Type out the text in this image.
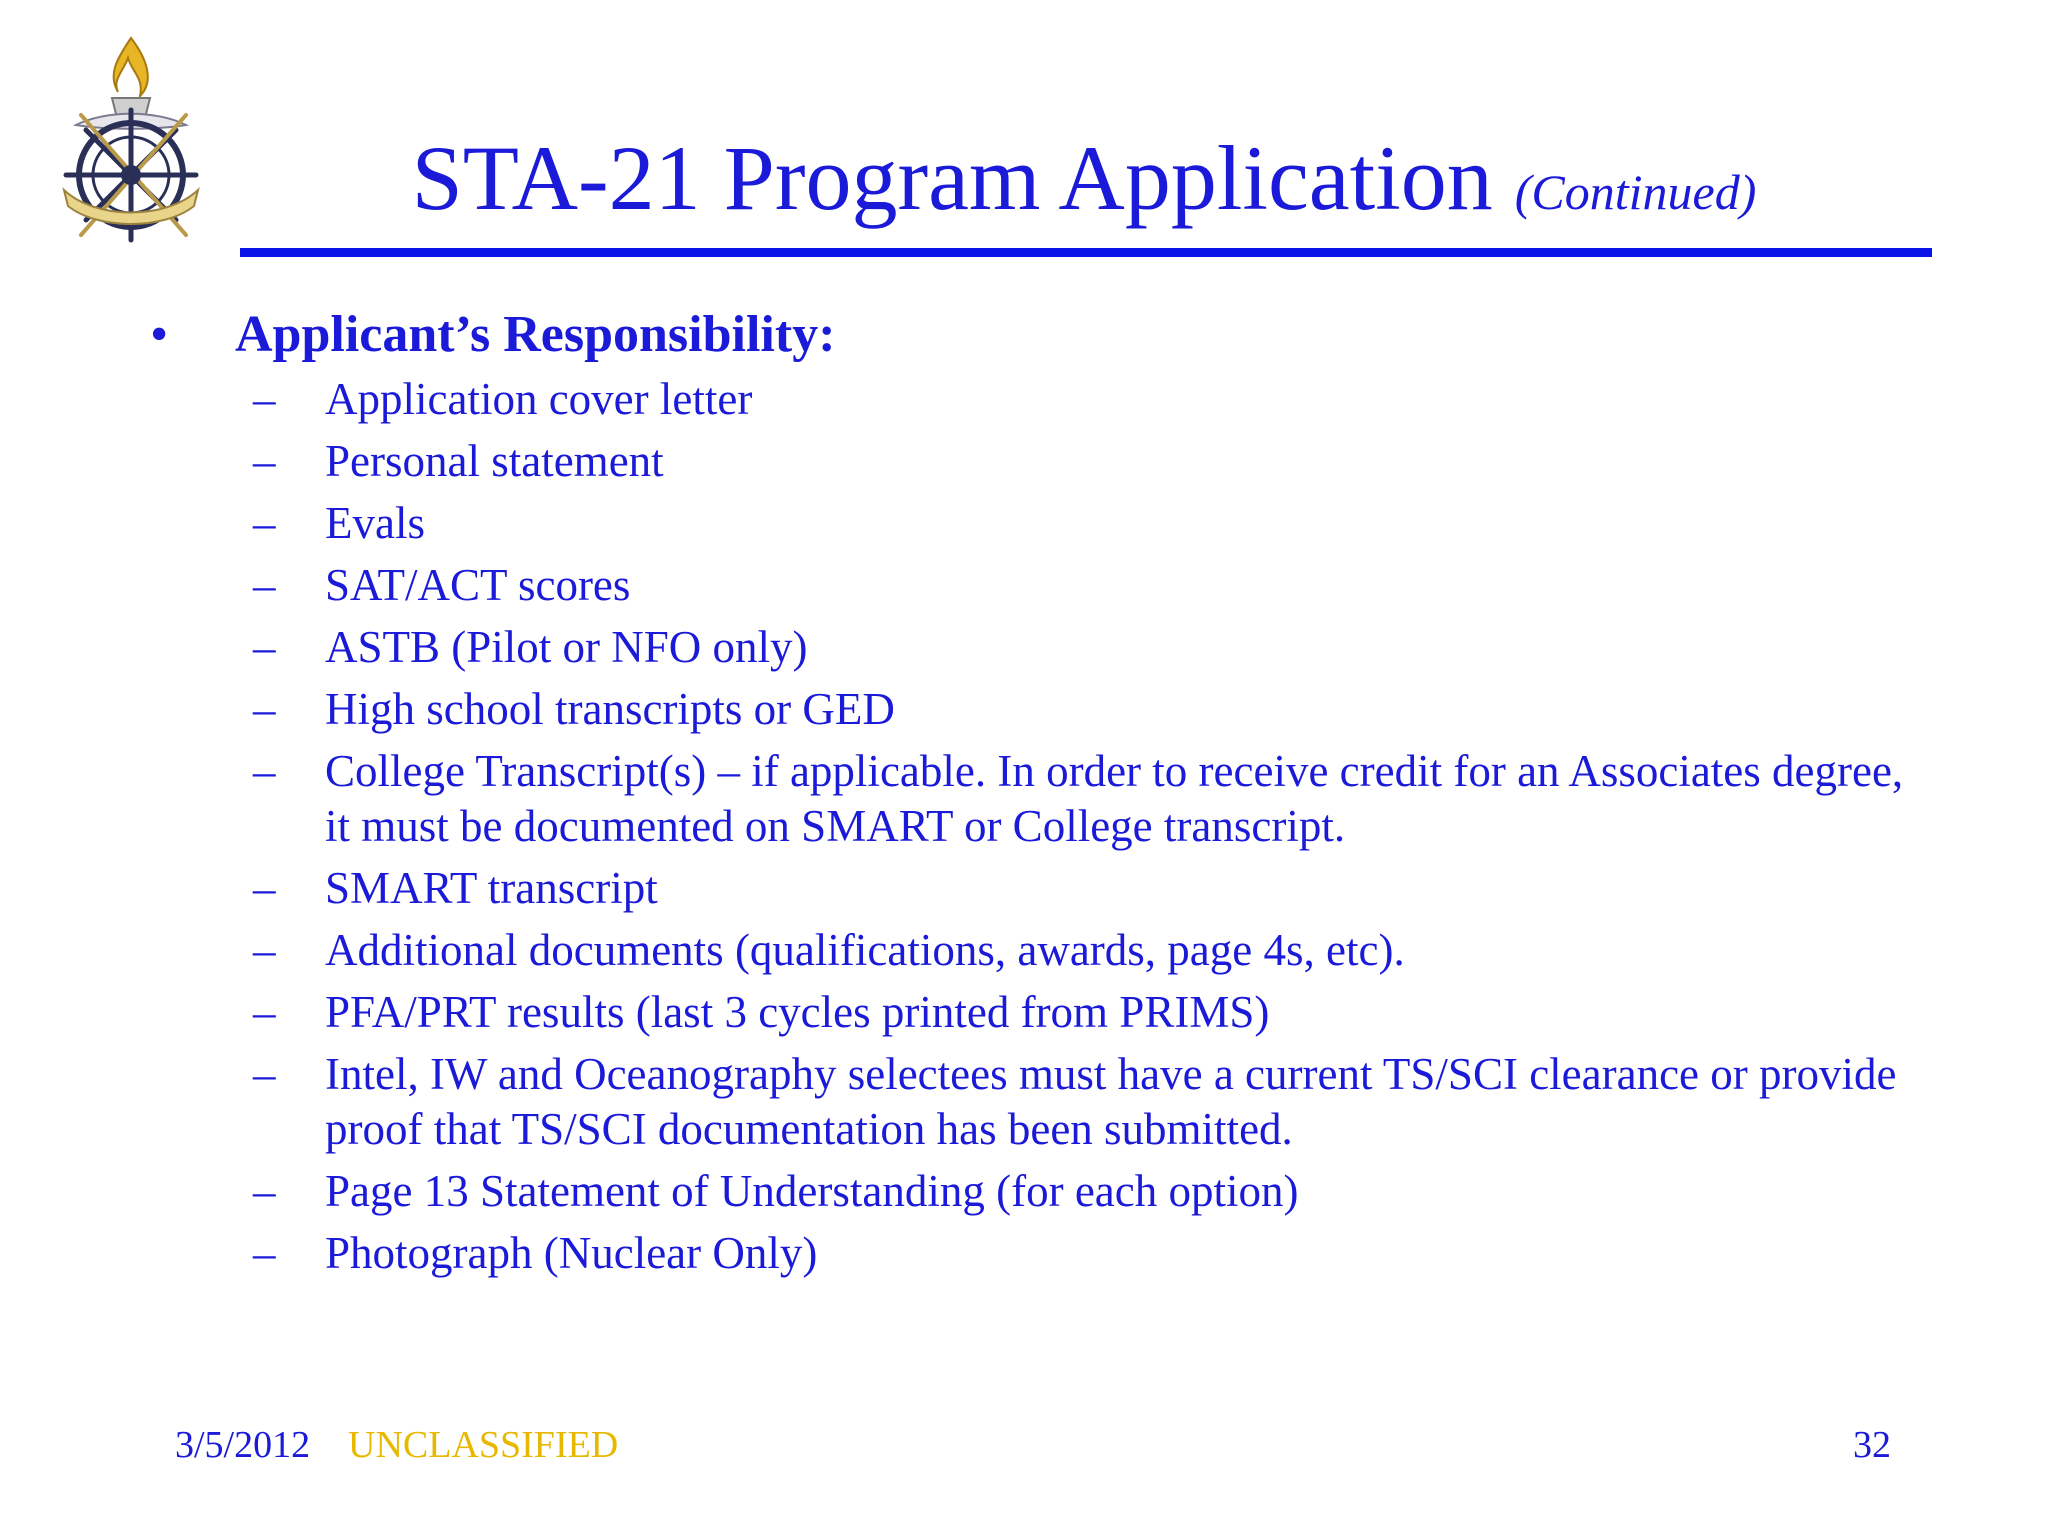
STA-21 Program Application (Continued)
•	Applicant’s Responsibility:
–	Application cover letter
–	Personal statement
–	Evals
–	SAT/ACT scores
–	ASTB (Pilot or NFO only)
–	High school transcripts or GED
–	College Transcript(s) – if applicable. In order to receive credit for an Associates degree, it must be documented on SMART or College transcript.
–	SMART transcript
–	Additional documents (qualifications, awards, page 4s, etc).
–	PFA/PRT results (last 3 cycles printed from PRIMS)
–	Intel, IW and Oceanography selectees must have a current TS/SCI clearance or provide proof that TS/SCI documentation has been submitted.
–	Page 13 Statement of Understanding (for each option)
–	Photograph (Nuclear Only)
3/5/2012 UNCLASSIFIED	32
